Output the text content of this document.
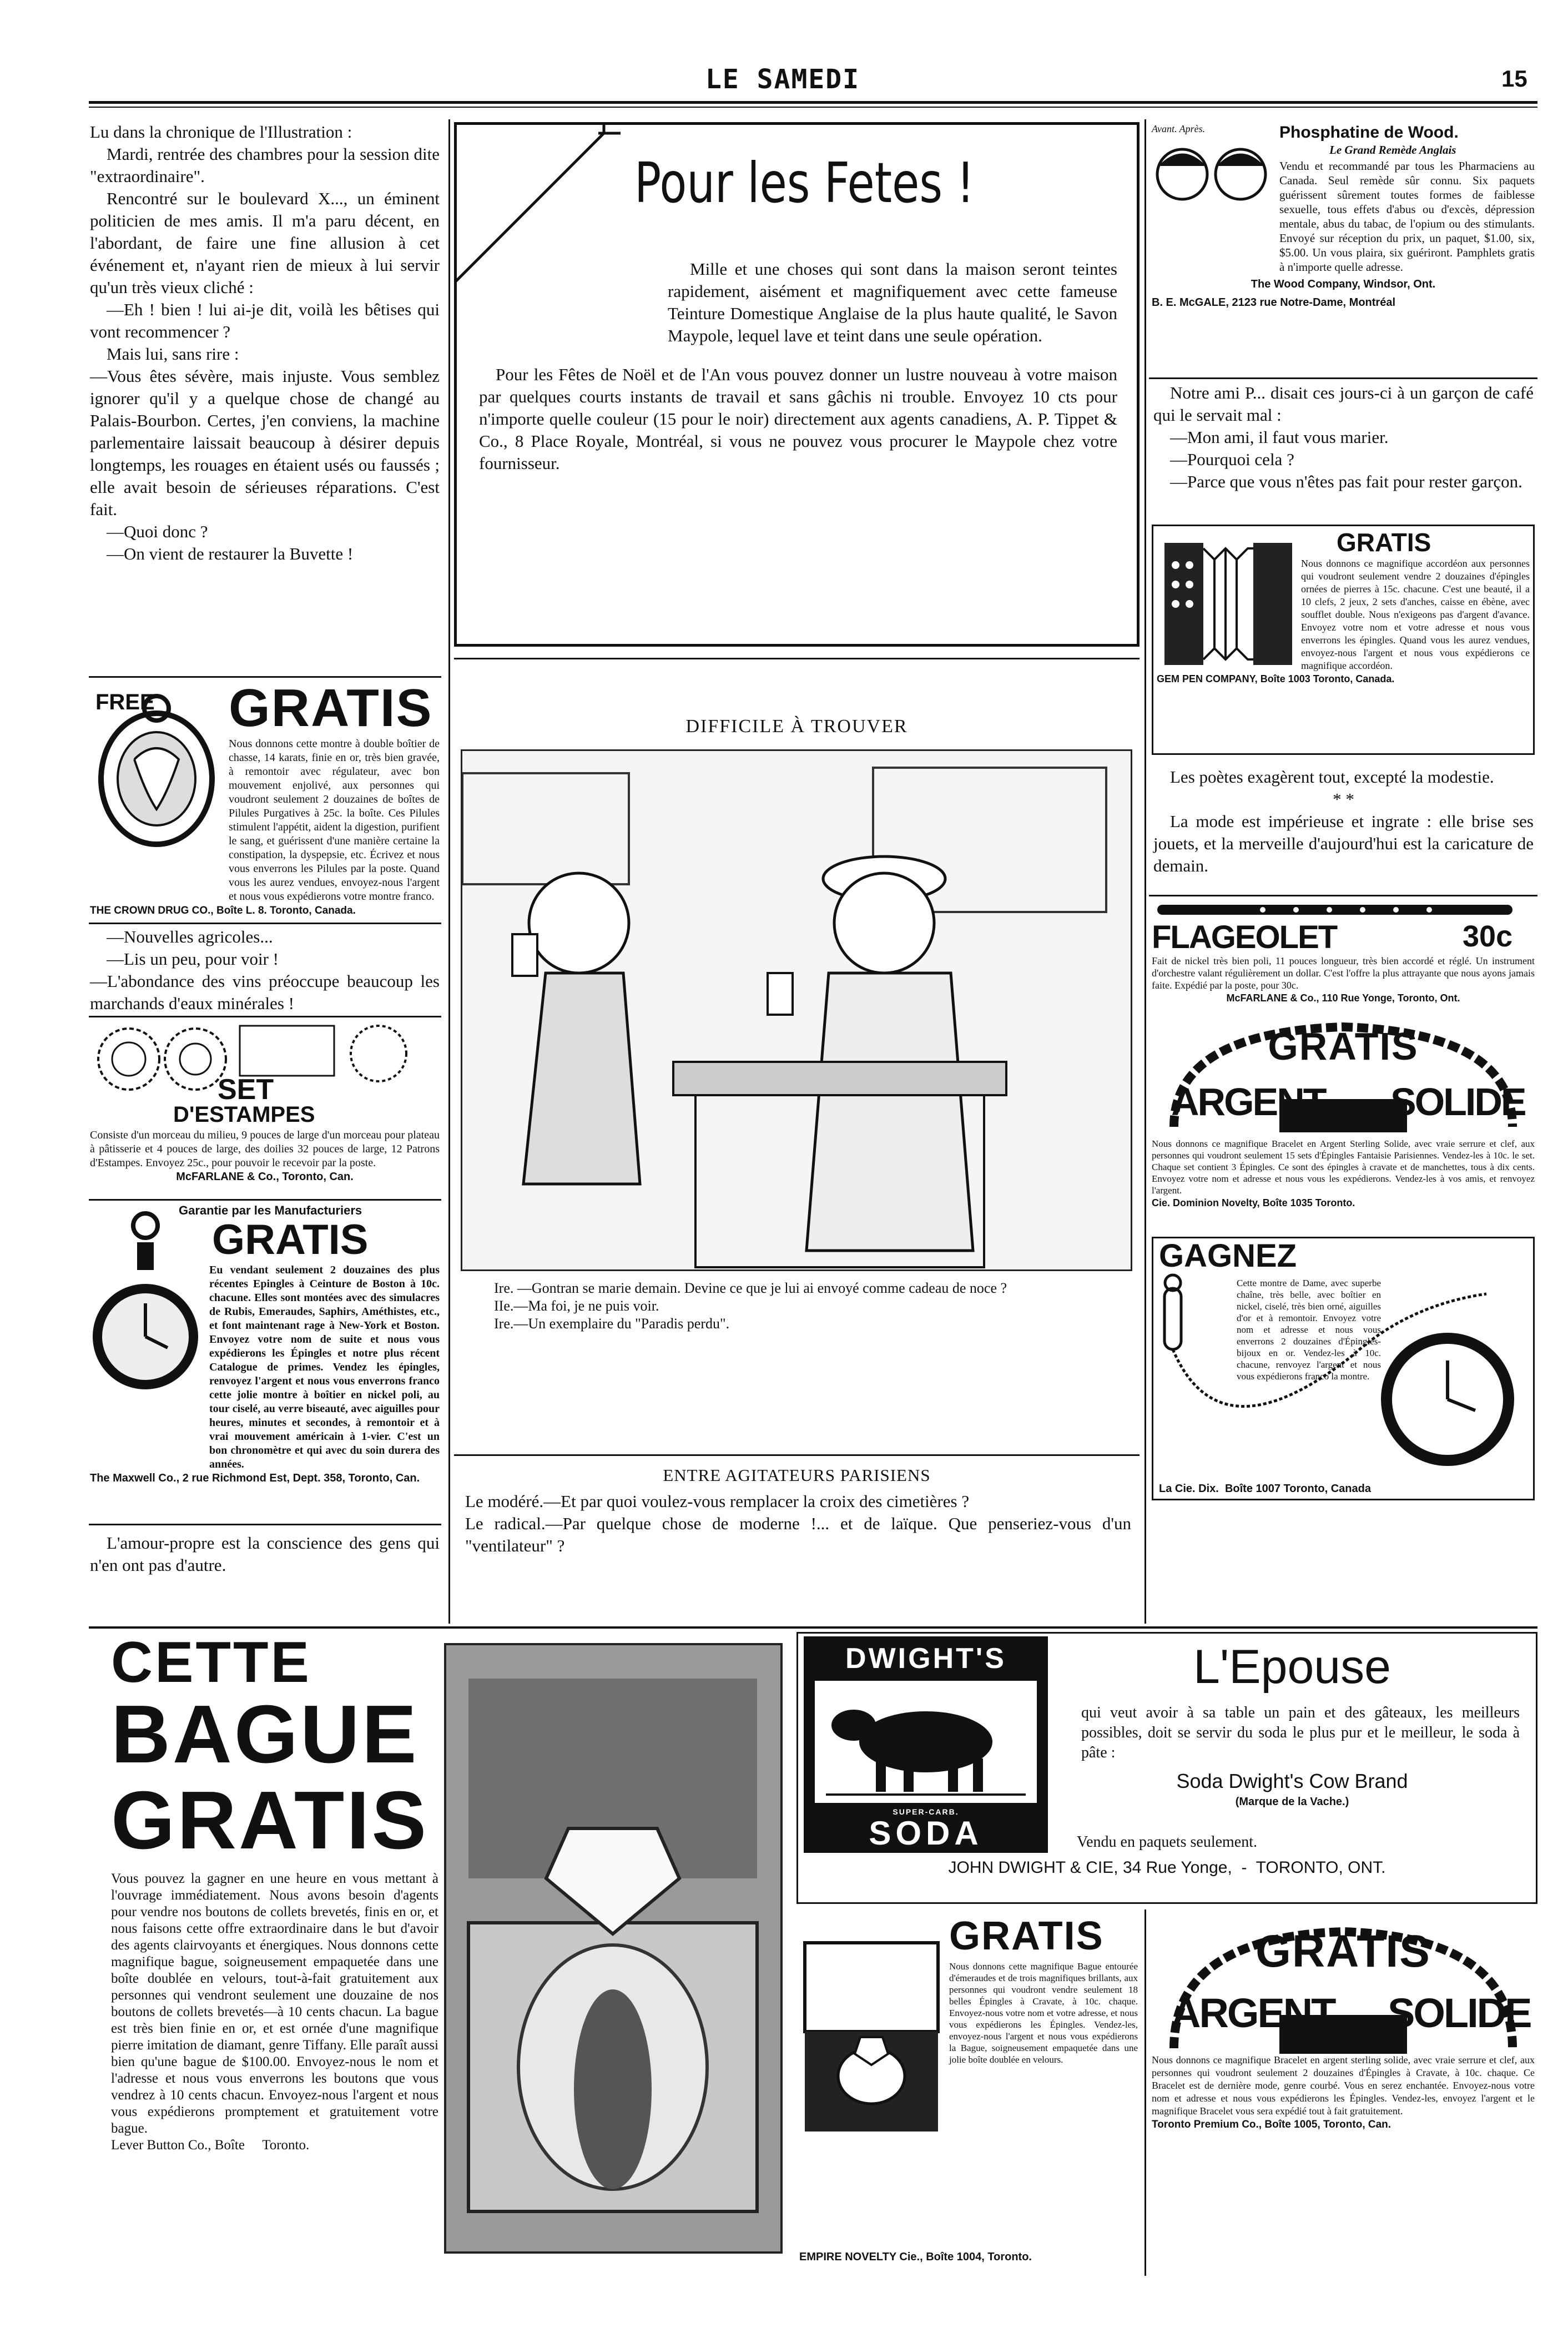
LE SAMEDI	15

Lu dans la chronique de l'Illustration :

Mardi, rentrée des chambres pour la session dite "extraordinaire".

Rencontré sur le boulevard X..., un éminent politicien de mes amis. Il m'a paru décent, en l'abordant, de faire une fine allusion à cet événement et, n'ayant rien de mieux à lui servir qu'un très vieux cliché :

—Eh ! bien ! lui ai-je dit, voilà les bêtises qui vont recommencer ?

Mais lui, sans rire :

—Vous êtes sévère, mais injuste. Vous semblez ignorer qu'il y a quelque chose de changé au Palais-Bourbon. Certes, j'en conviens, la machine parlementaire laissait beaucoup à désirer depuis longtemps, les rouages en étaient usés ou faussés ; elle avait besoin de sérieuses réparations. C'est fait.

—Quoi donc ?

—On vient de restaurer la Buvette !

FREE GRATIS

Nous donnons cette montre à double boîtier de chasse, 14 karats, finie en or, très bien gravée, à remontoir avec régulateur, avec bon mouvement enjolivé, aux personnes qui voudront seulement 2 douzaines de boîtes de Pilules Purgatives à 25c. la boîte. Ces Pilules stimulent l'appétit, aident la digestion, purifient le sang, et guérissent d'une manière certaine la constipation, la dyspepsie, etc. Écrivez et nous vous enverrons les Pilules par la poste. Quand vous les aurez vendues, envoyez-nous l'argent et nous vous expédierons votre montre franco.

THE CROWN DRUG CO., Boîte L. 8. Toronto, Canada.

—Nouvelles agricoles...

—Lis un peu, pour voir !

—L'abondance des vins préoccupe beaucoup les marchands d'eaux minérales !

SET
D'ESTAMPES

Consiste d'un morceau du milieu, 9 pouces de large d'un morceau pour plateau à pâtisserie et 4 pouces de large, des doilies 32 pouces de large, 12 Patrons d'Estampes. Envoyez 25c., pour pouvoir le recevoir par la poste.

McFARLANE & Co., Toronto, Can.

Garantie par les Manufacturiers
GRATIS

Eu vendant seulement 2 douzaines des plus récentes Epingles à Ceinture de Boston à 10c. chacune. Elles sont montées avec des simulacres de Rubis, Emeraudes, Saphirs, Améthistes, etc., et font maintenant rage à New-York et Boston. Envoyez votre nom de suite et nous vous expédierons les Épingles et notre plus récent Catalogue de primes. Vendez les épingles, renvoyez l'argent et nous vous enverrons franco cette jolie montre à boîtier en nickel poli, au tour ciselé, au verre biseauté, avec aiguilles pour heures, minutes et secondes, à remontoir et à vrai mouvement américain à 1-vier. C'est un bon chronomètre et qui avec du soin durera des années.

The Maxwell Co., 2 rue Richmond Est, Dept. 358, Toronto, Can.

L'amour-propre est la conscience des gens qui n'en ont pas d'autre.

Pour les Fetes !

Mille et une choses qui sont dans la maison seront teintes rapidement, aisément et magnifiquement avec cette fameuse Teinture Domestique Anglaise de la plus haute qualité, le Savon Maypole, lequel lave et teint dans une seule opération.

Pour les Fêtes de Noël et de l'An vous pouvez donner un lustre nouveau à votre maison par quelques courts instants de travail et sans gâchis ni trouble. Envoyez 10 cts pour n'importe quelle couleur (15 pour le noir) directement aux agents canadiens, A. P. Tippet & Co., 8 Place Royale, Montréal, si vous ne pouvez vous procurer le Maypole chez votre fournisseur.

DIFFICILE À TROUVER

Ire. —Gontran se marie demain. Devine ce que je lui ai envoyé comme cadeau de noce ?

IIe.—Ma foi, je ne puis voir.

Ire.—Un exemplaire du "Paradis perdu".

ENTRE AGITATEURS PARISIENS

Le modéré.—Et par quoi voulez-vous remplacer la croix des cimetières ?

Le radical.—Par quelque chose de moderne !... et de laïque. Que penseriez-vous d'un "ventilateur" ?

Avant. Après.	Phosphatine de Wood.
Le Grand Remède Anglais

Vendu et recommandé par tous les Pharmaciens au Canada. Seul remède sûr connu. Six paquets guérissent sûrement toutes formes de faiblesse sexuelle, tous effets d'abus ou d'excès, dépression mentale, abus du tabac, de l'opium ou des stimulants. Envoyé sur réception du prix, un paquet, $1.00, six, $5.00. Un vous plaira, six guériront. Pamphlets gratis à n'importe quelle adresse.

The Wood Company, Windsor, Ont.

B. E. McGALE, 2123 rue Notre-Dame, Montréal

Notre ami P... disait ces jours-ci à un garçon de café qui le servait mal :

—Mon ami, il faut vous marier.

—Pourquoi cela ?

—Parce que vous n'êtes pas fait pour rester garçon.

GRATIS

Nous donnons ce magnifique accordéon aux personnes qui voudront seulement vendre 2 douzaines d'épingles ornées de pierres à 15c. chacune. C'est une beauté, il a 10 clefs, 2 jeux, 2 sets d'anches, caisse en ébène, avec soufflet double. Nous n'exigeons pas d'argent d'avance. Envoyez votre nom et votre adresse et nous vous enverrons les épingles. Quand vous les aurez vendues, envoyez-nous l'argent et nous vous expédierons ce magnifique accordéon.

GEM PEN COMPANY, Boîte 1003 Toronto, Canada.

Les poètes exagèrent tout, excepté la modestie.

* *

La mode est impérieuse et ingrate : elle brise ses jouets, et la merveille d'aujourd'hui est la caricature de demain.

FLAGEOLET	30c

Fait de nickel très bien poli, 11 pouces longueur, très bien accordé et réglé. Un instrument d'orchestre valant régulièrement un dollar. C'est l'offre la plus attrayante que nous ayons jamais faite. Expédié par la poste, pour 30c.

McFARLANE & Co., 110 Rue Yonge, Toronto, Ont.

GRATIS
ARGENT SOLIDE

Nous donnons ce magnifique Bracelet en Argent Sterling Solide, avec vraie serrure et clef, aux personnes qui voudront seulement 15 sets d'Épingles Fantaisie Parisiennes. Vendez-les à 10c. le set. Chaque set contient 3 Épingles. Ce sont des épingles à cravate et de manchettes, tous à dix cents. Envoyez votre nom et adresse et nous vous les expédierons. Vendez-les à vos amis, et renvoyez l'argent.

Cie. Dominion Novelty, Boîte 1035 Toronto.

GAGNEZ

Cette montre de Dame, avec superbe chaîne, très belle, avec boîtier en nickel, ciselé, très bien orné, aiguilles d'or et à remontoir. Envoyez votre nom et adresse et nous vous enverrons 2 douzaines d'Épingles-bijoux en or. Vendez-les à 10c. chacune, renvoyez l'argent et nous vous expédierons franco la montre.

La Cie. Dix. Boîte 1007 Toronto, Canada
CETTE
BAGUE
GRATIS

Vous pouvez la gagner en une heure en vous mettant à l'ouvrage immédiatement. Nous avons besoin d'agents pour vendre nos boutons de collets brevetés, finis en or, et nous faisons cette offre extraordinaire dans le but d'avoir des agents clairvoyants et énergiques. Nous donnons cette magnifique bague, soigneusement empaquetée dans une boîte doublée en velours, tout-à-fait gratuitement aux personnes qui vendront seulement une douzaine de nos boutons de collets brevetés—à 10 cents chacun. La bague est très bien finie en or, et est ornée d'une magnifique pierre imitation de diamant, genre Tiffany. Elle paraît aussi bien qu'une bague de $100.00. Envoyez-nous le nom et l'adresse et nous vous enverrons les boutons que vous vendrez à 10 cents chacun. Envoyez-nous l'argent et nous vous expédierons promptement et gratuitement votre bague.

Lever Button Co., Boîte Toronto.

DWIGHT'S
SUPER-CARB.
SODA
L'Epouse

qui veut avoir à sa table un pain et des gâteaux, les meilleurs possibles, doit se servir du soda le plus pur et le meilleur, le soda à pâte :

Soda Dwight's Cow Brand
(Marque de la Vache.)
Vendu en paquets seulement.
JOHN DWIGHT & CIE, 34 Rue Yonge,  -  TORONTO, ONT.
GRATIS

Nous donnons cette magnifique Bague entourée d'émeraudes et de trois magnifiques brillants, aux personnes qui voudront vendre seulement 18 belles Épingles à Cravate, à 10c. chaque. Envoyez-nous votre nom et votre adresse, et nous vous expédierons les Épingles. Vendez-les, envoyez-nous l'argent et nous vous expédierons la Bague, soigneusement empaquetée dans une jolie boîte doublée en velours.

EMPIRE NOVELTY Cie., Boîte 1004, Toronto.
GRATIS
ARGENT SOLIDE

Nous donnons ce magnifique Bracelet en argent sterling solide, avec vraie serrure et clef, aux personnes qui voudront seulement 2 douzaines d'Épingles à Cravate, à 10c. chaque. Ce Bracelet est de dernière mode, genre courbé. Vous en serez enchantée. Envoyez-nous votre nom et adresse et nous vous expédierons les Épingles. Vendez-les, envoyez l'argent et le magnifique Bracelet vous sera expédié tout à fait gratuitement.

Toronto Premium Co., Boîte 1005, Toronto, Can.
